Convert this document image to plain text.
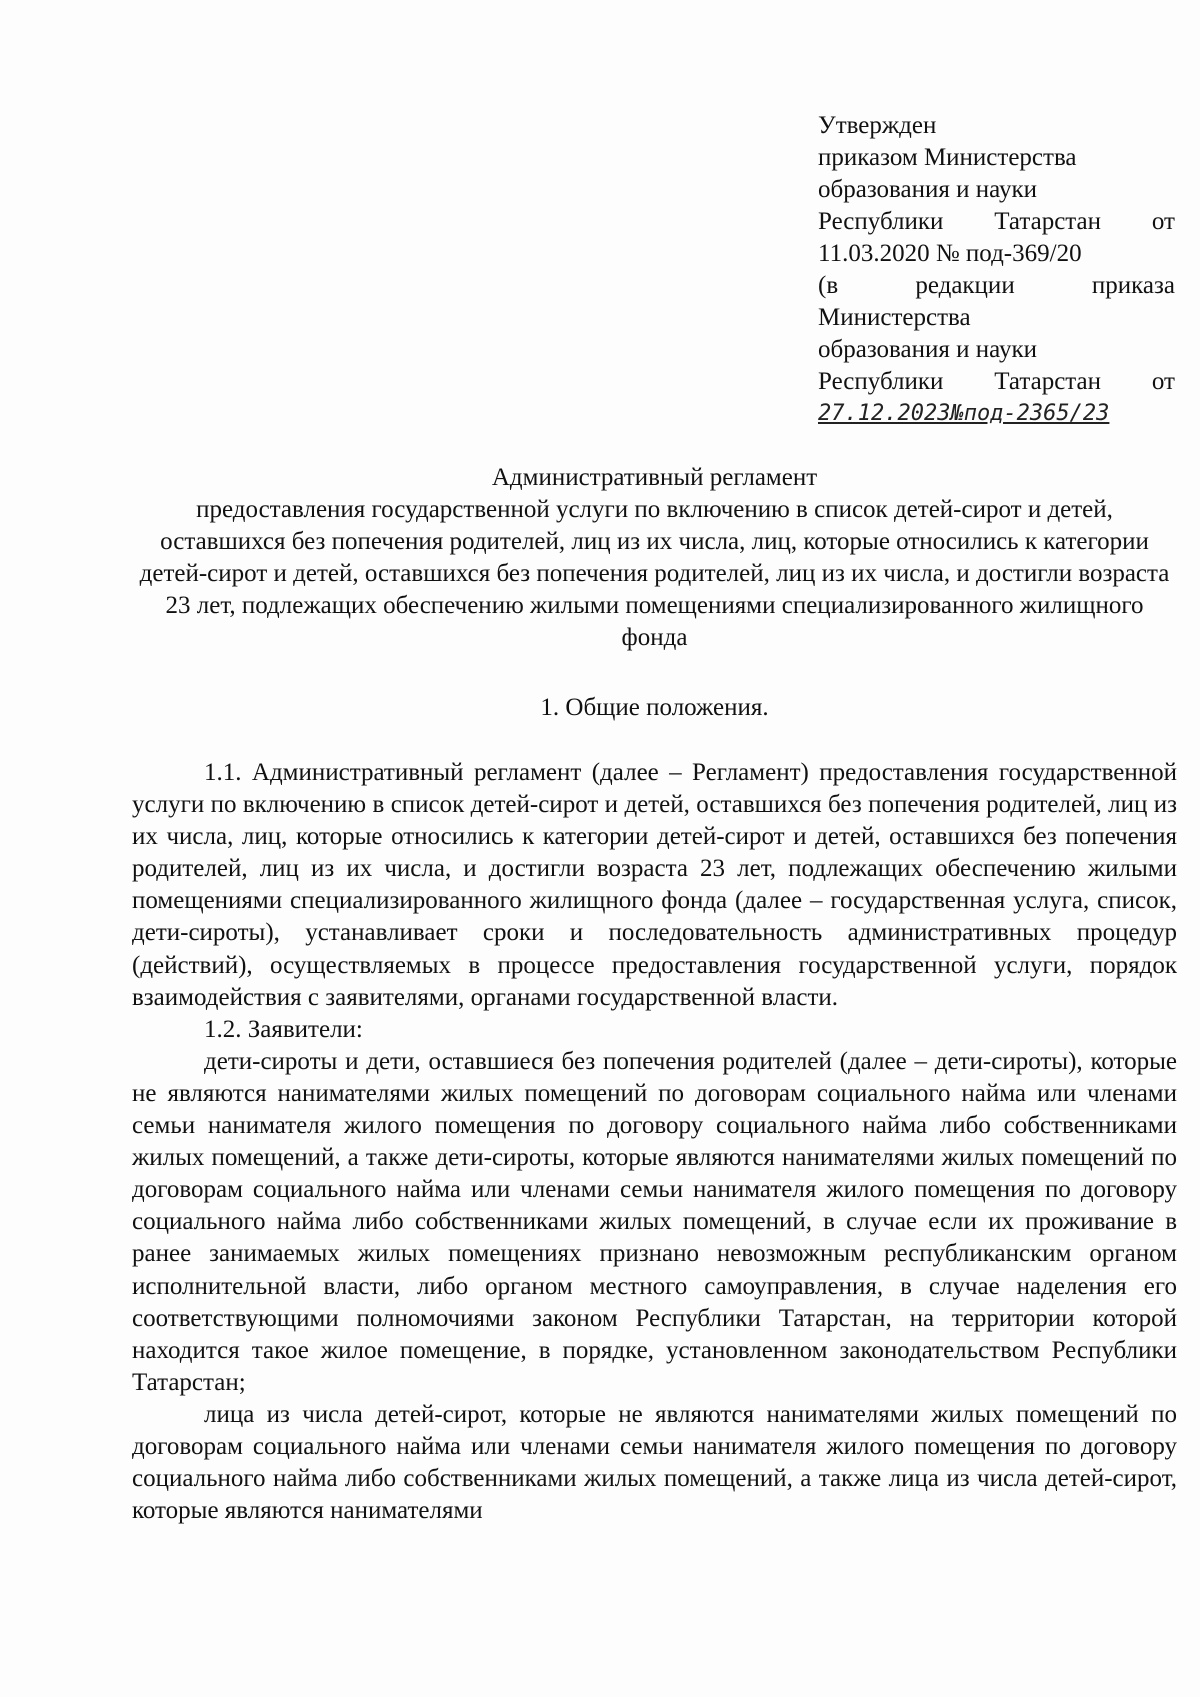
Утвержден
приказом Министерства
образования и науки
Республики Татарстан от
11.03.2020 № под-369/20
(в	редакции	приказа
Министерства
образования и науки
Республики Татарстан от
27.12.2023№под-2365/23
Административный регламент
предоставления государственной услуги по включению в список детей-сирот и детей, оставшихся без попечения родителей, лиц из их числа, лиц, которые относились к категории детей-сирот и детей, оставшихся без попечения родителей, лиц из их числа, и достигли возраста 23 лет, подлежащих обеспечению жилыми помещениями специализированного жилищного фонда
1. Общие положения.

1.1. Административный регламент (далее – Регламент) предоставления государственной услуги по включению в список детей-сирот и детей, оставшихся без попечения родителей, лиц из их числа, лиц, которые относились к категории детей-сирот и детей, оставшихся без попечения родителей, лиц из их числа, и достигли возраста 23 лет, подлежащих обеспечению жилыми помещениями специализированного жилищного фонда (далее – государственная услуга, список, дети-сироты), устанавливает сроки и последовательность административных процедур (действий), осуществляемых в процессе предоставления государственной услуги, порядок взаимодействия с заявителями, органами государственной власти.

1.2. Заявители:

дети-сироты и дети, оставшиеся без попечения родителей (далее – дети-сироты), которые не являются нанимателями жилых помещений по договорам социального найма или членами семьи нанимателя жилого помещения по договору социального найма либо собственниками жилых помещений, а также дети-сироты, которые являются нанимателями жилых помещений по договорам социального найма или членами семьи нанимателя жилого помещения по договору социального найма либо собственниками жилых помещений, в случае если их проживание в ранее занимаемых жилых помещениях признано невозможным республиканским органом исполнительной власти, либо органом местного самоуправления, в случае наделения его соответствующими полномочиями законом Республики Татарстан, на территории которой находится такое жилое помещение, в порядке, установленном законодательством Республики Татарстан;

лица из числа детей-сирот, которые не являются нанимателями жилых помещений по договорам социального найма или членами семьи нанимателя жилого помещения по договору социального найма либо собственниками жилых помещений, а также лица из числа детей-сирот, которые являются нанимателями
